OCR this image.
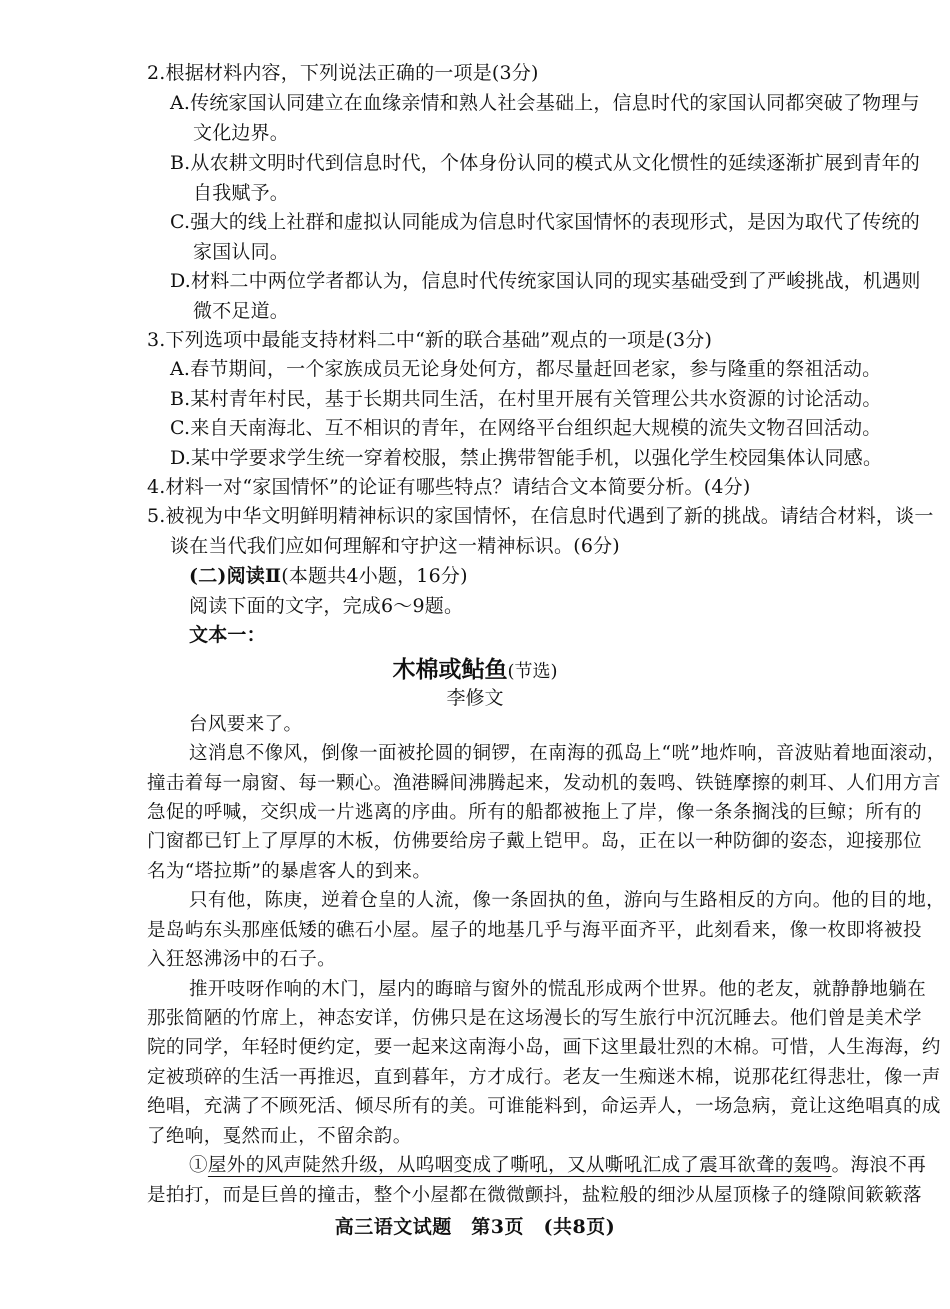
2.根据材料内容，下列说法正确的一项是(3分)
A.传统家国认同建立在血缘亲情和熟人社会基础上，信息时代的家国认同都突破了物理与
文化边界。
B.从农耕文明时代到信息时代，个体身份认同的模式从文化惯性的延续逐渐扩展到青年的
自我赋予。
C.强大的线上社群和虚拟认同能成为信息时代家国情怀的表现形式，是因为取代了传统的
家国认同。
D.材料二中两位学者都认为，信息时代传统家国认同的现实基础受到了严峻挑战，机遇则
微不足道。
3.下列选项中最能支持材料二中“新的联合基础”观点的一项是(3分)
A.春节期间，一个家族成员无论身处何方，都尽量赶回老家，参与隆重的祭祖活动。
B.某村青年村民，基于长期共同生活，在村里开展有关管理公共水资源的讨论活动。
C.来自天南海北、互不相识的青年，在网络平台组织起大规模的流失文物召回活动。
D.某中学要求学生统一穿着校服，禁止携带智能手机，以强化学生校园集体认同感。
4.材料一对“家国情怀”的论证有哪些特点？请结合文本简要分析。(4分)
5.被视为中华文明鲜明精神标识的家国情怀，在信息时代遇到了新的挑战。请结合材料，谈一
谈在当代我们应如何理解和守护这一精神标识。(6分)
(二)阅读Ⅱ(本题共4小题，16分)
阅读下面的文字，完成6～9题。
文本一：
木棉或鲇鱼(节选)
李修文
台风要来了。
这消息不像风，倒像一面被抡圆的铜锣，在南海的孤岛上“咣”地炸响，音波贴着地面滚动，
撞击着每一扇窗、每一颗心。渔港瞬间沸腾起来，发动机的轰鸣、铁链摩擦的刺耳、人们用方言
急促的呼喊，交织成一片逃离的序曲。所有的船都被拖上了岸，像一条条搁浅的巨鲸；所有的
门窗都已钉上了厚厚的木板，仿佛要给房子戴上铠甲。岛，正在以一种防御的姿态，迎接那位
名为“塔拉斯”的暴虐客人的到来。
只有他，陈庚，逆着仓皇的人流，像一条固执的鱼，游向与生路相反的方向。他的目的地，
是岛屿东头那座低矮的礁石小屋。屋子的地基几乎与海平面齐平，此刻看来，像一枚即将被投
入狂怒沸汤中的石子。
推开吱呀作响的木门，屋内的晦暗与窗外的慌乱形成两个世界。他的老友，就静静地躺在
那张简陋的竹席上，神态安详，仿佛只是在这场漫长的写生旅行中沉沉睡去。他们曾是美术学
院的同学，年轻时便约定，要一起来这南海小岛，画下这里最壮烈的木棉。可惜，人生海海，约
定被琐碎的生活一再推迟，直到暮年，方才成行。老友一生痴迷木棉，说那花红得悲壮，像一声
绝唱，充满了不顾死活、倾尽所有的美。可谁能料到，命运弄人，一场急病，竟让这绝唱真的成
了绝响，戛然而止，不留余韵。
①屋外的风声陡然升级，从呜咽变成了嘶吼，又从嘶吼汇成了震耳欲聋的轰鸣。海浪不再
是拍打，而是巨兽的撞击，整个小屋都在微微颤抖，盐粒般的细沙从屋顶椽子的缝隙间簌簌落
高三语文试题　第3页　(共8页)
